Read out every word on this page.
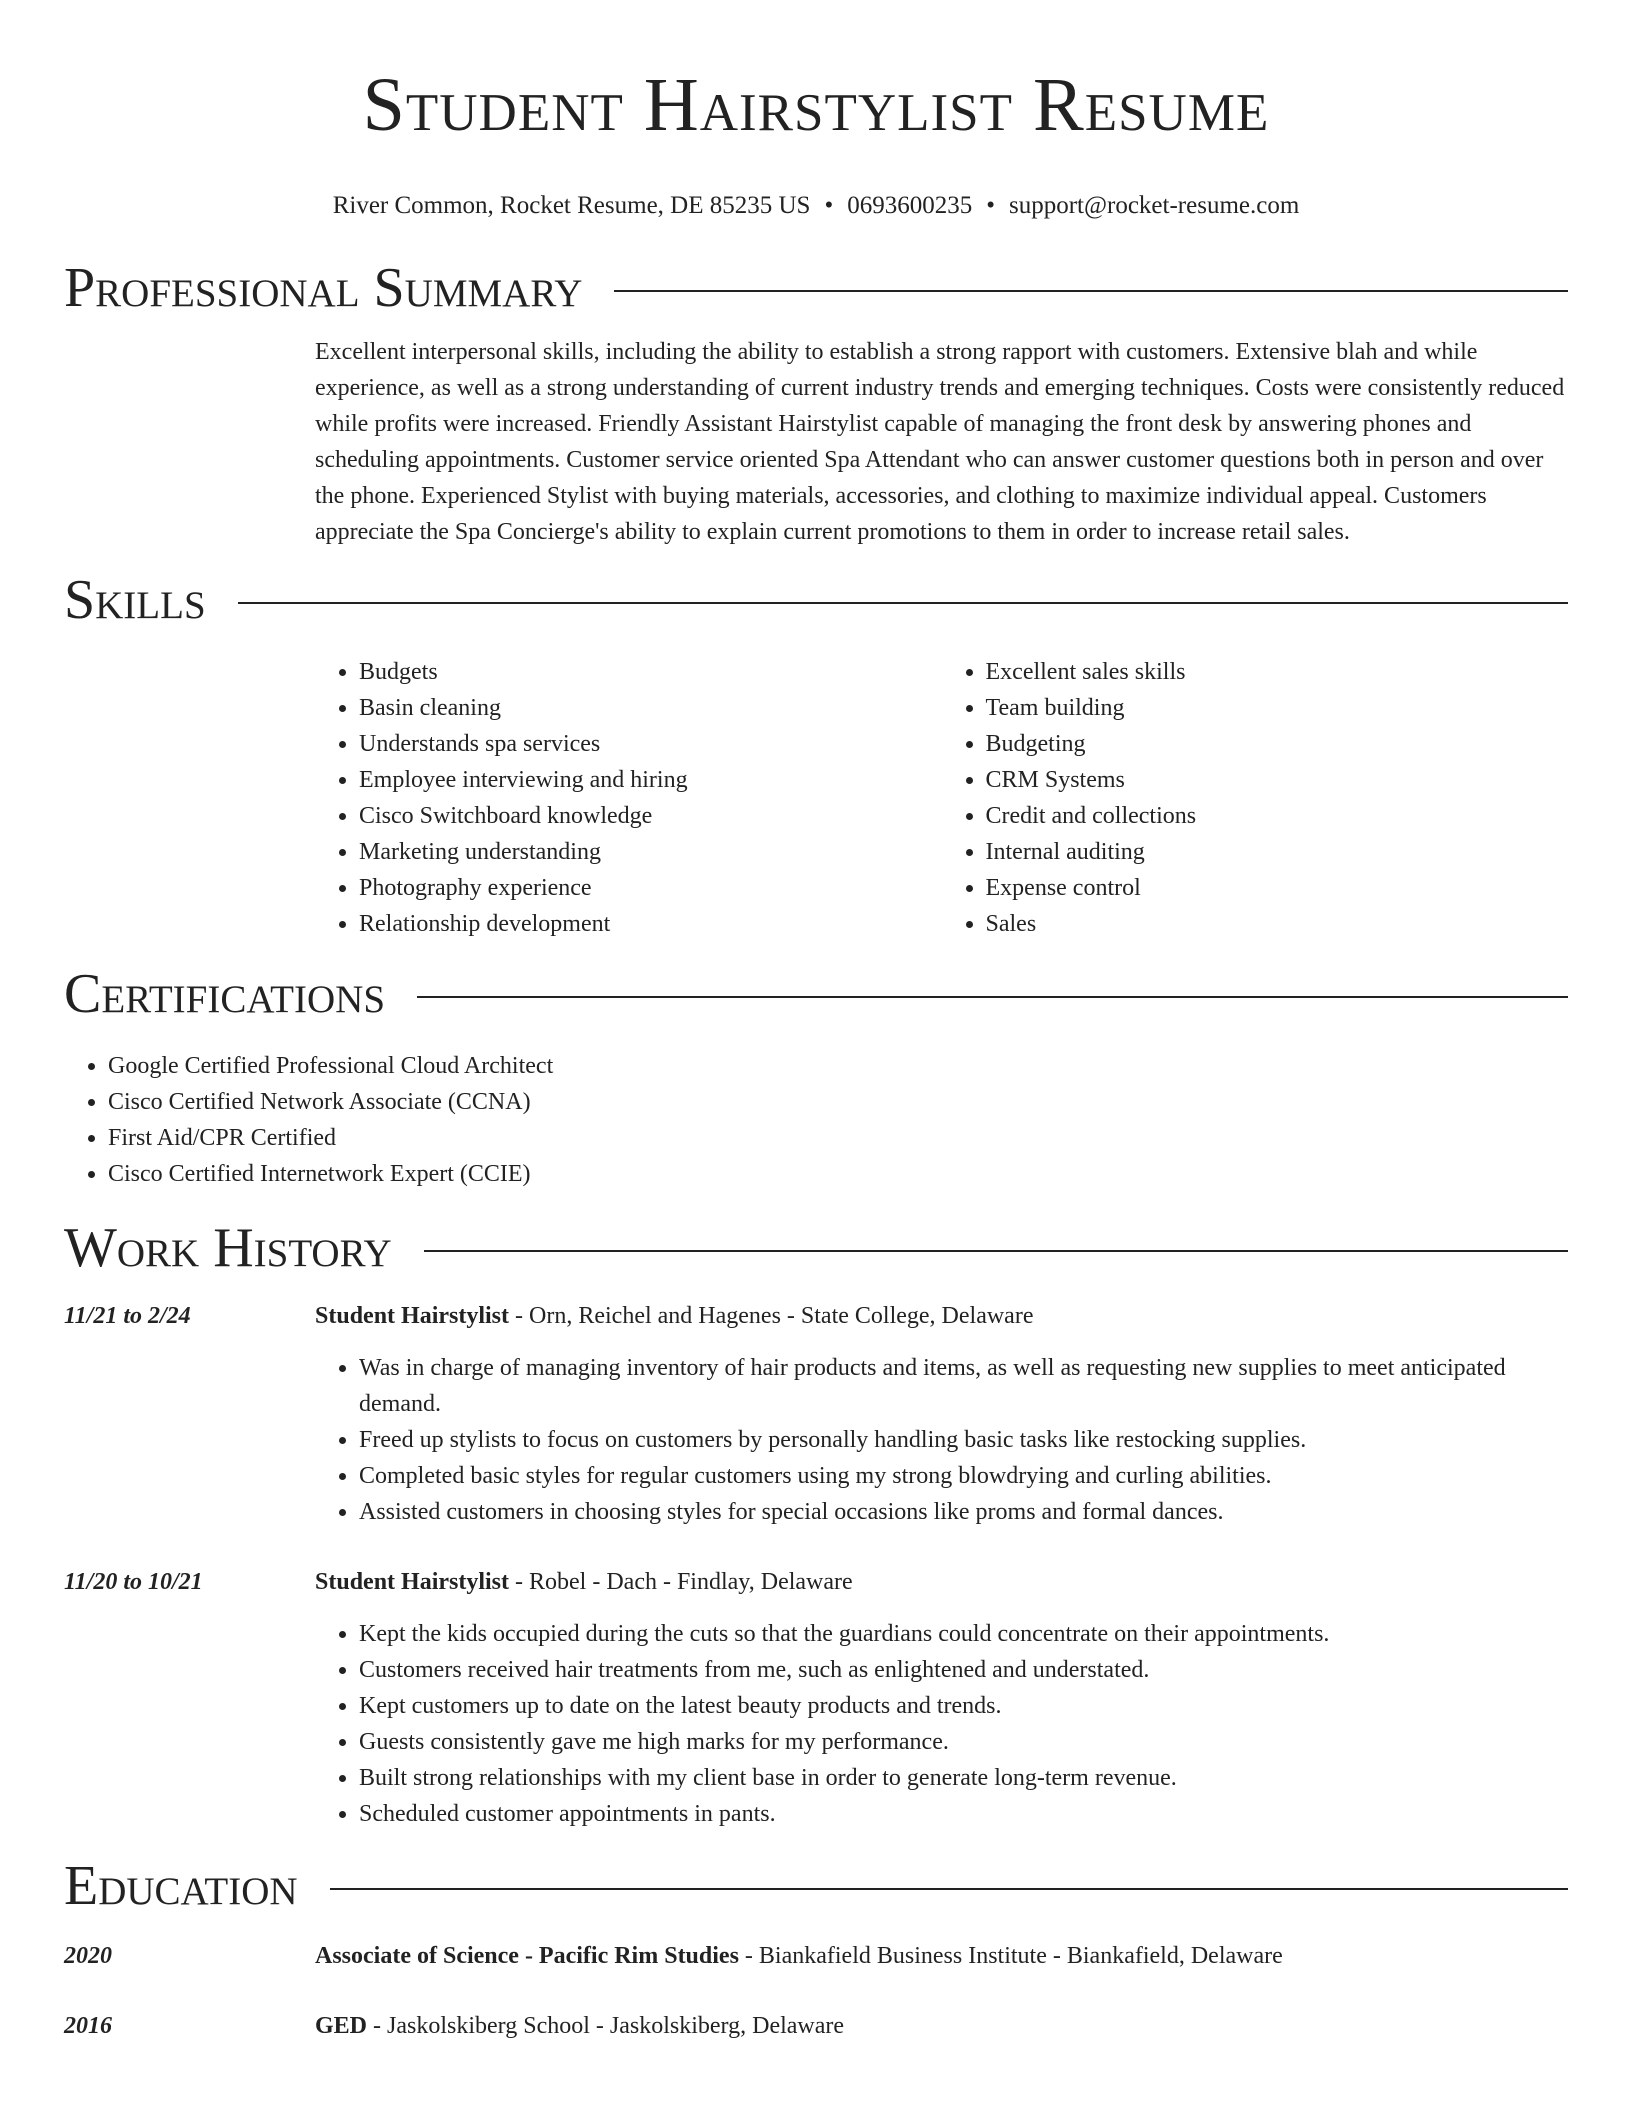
Student Hairstylist Resume
River Common, Rocket Resume, DE 85235 US • 0693600235 • support@rocket-resume.com
Professional Summary
Excellent interpersonal skills, including the ability to establish a strong rapport with customers. Extensive blah and while experience, as well as a strong understanding of current industry trends and emerging techniques. Costs were consistently reduced while profits were increased. Friendly Assistant Hairstylist capable of managing the front desk by answering phones and scheduling appointments. Customer service oriented Spa Attendant who can answer customer questions both in person and over the phone. Experienced Stylist with buying materials, accessories, and clothing to maximize individual appeal. Customers appreciate the Spa Concierge's ability to explain current promotions to them in order to increase retail sales.
Skills
• Budgets
• Basin cleaning
• Understands spa services
• Employee interviewing and hiring
• Cisco Switchboard knowledge
• Marketing understanding
• Photography experience
• Relationship development
• Excellent sales skills
• Team building
• Budgeting
• CRM Systems
• Credit and collections
• Internal auditing
• Expense control
• Sales
Certifications
• Google Certified Professional Cloud Architect
• Cisco Certified Network Associate (CCNA)
• First Aid/CPR Certified
• Cisco Certified Internetwork Expert (CCIE)
Work History
11/21 to 2/24	Student Hairstylist - Orn, Reichel and Hagenes - State College, Delaware
• Was in charge of managing inventory of hair products and items, as well as requesting new supplies to meet anticipated demand.
• Freed up stylists to focus on customers by personally handling basic tasks like restocking supplies.
• Completed basic styles for regular customers using my strong blowdrying and curling abilities.
• Assisted customers in choosing styles for special occasions like proms and formal dances.
11/20 to 10/21	Student Hairstylist - Robel - Dach - Findlay, Delaware
• Kept the kids occupied during the cuts so that the guardians could concentrate on their appointments.
• Customers received hair treatments from me, such as enlightened and understated.
• Kept customers up to date on the latest beauty products and trends.
• Guests consistently gave me high marks for my performance.
• Built strong relationships with my client base in order to generate long-term revenue.
• Scheduled customer appointments in pants.
Education
2020	Associate of Science - Pacific Rim Studies - Biankafield Business Institute - Biankafield, Delaware
2016	GED - Jaskolskiberg School - Jaskolskiberg, Delaware
